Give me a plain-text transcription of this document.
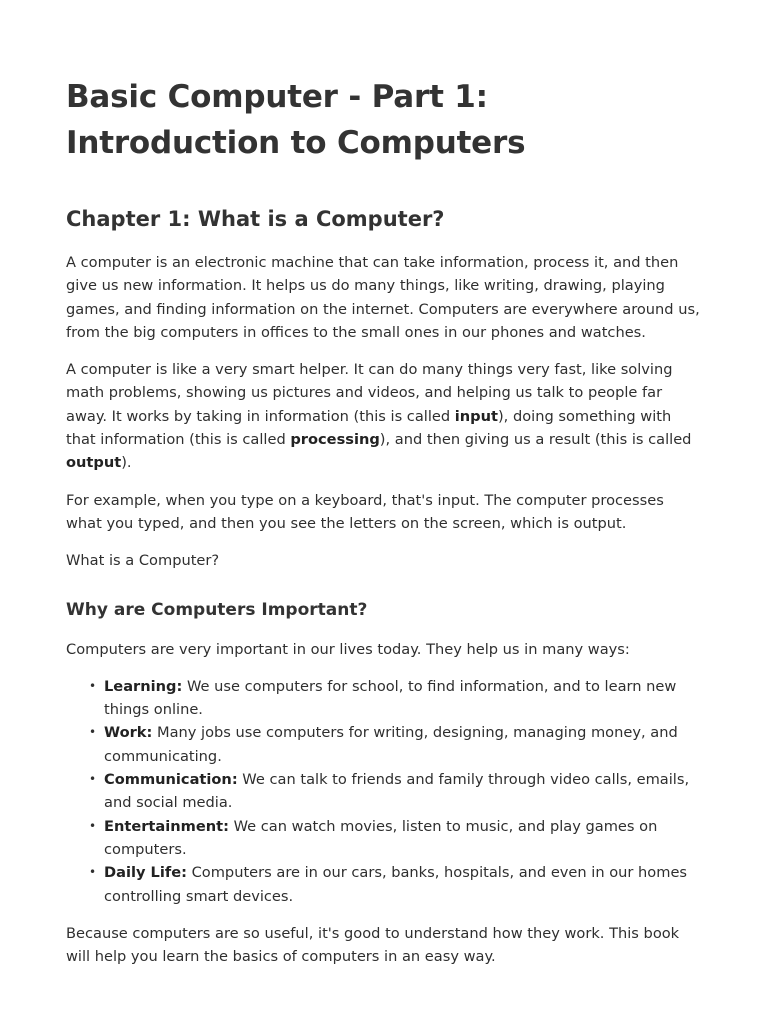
Basic Computer - Part 1: Introduction to Computers
Chapter 1: What is a Computer?

A computer is an electronic machine that can take information, process it, and then give us new information. It helps us do many things, like writing, drawing, playing games, and finding information on the internet. Computers are everywhere around us, from the big computers in offices to the small ones in our phones and watches.

A computer is like a very smart helper. It can do many things very fast, like solving math problems, showing us pictures and videos, and helping us talk to people far away. It works by taking in information (this is called input), doing something with that information (this is called processing), and then giving us a result (this is called output).

For example, when you type on a keyboard, that's input. The computer processes what you typed, and then you see the letters on the screen, which is output.

What is a Computer?

Why are Computers Important?

Computers are very important in our lives today. They help us in many ways:

• Learning: We use computers for school, to find information, and to learn new things online.
• Work: Many jobs use computers for writing, designing, managing money, and communicating.
• Communication: We can talk to friends and family through video calls, emails, and social media.
• Entertainment: We can watch movies, listen to music, and play games on computers.
• Daily Life: Computers are in our cars, banks, hospitals, and even in our homes controlling smart devices.

Because computers are so useful, it's good to understand how they work. This book will help you learn the basics of computers in an easy way.
